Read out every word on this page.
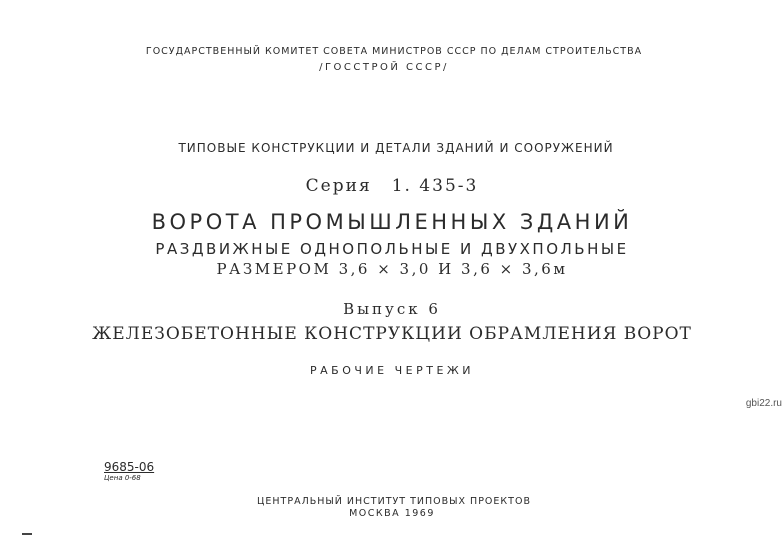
ГОСУДАРСТВЕННЫЙ КОМИТЕТ СОВЕТА МИНИСТРОВ СССР ПО ДЕЛАМ СТРОИТЕЛЬСТВА
/ГОССТРОЙ СССР/
ТИПОВЫЕ КОНСТРУКЦИИ И ДЕТАЛИ ЗДАНИЙ И СООРУЖЕНИЙ
Серия 1. 435-3
ВОРОТА ПРОМЫШЛЕННЫХ ЗДАНИЙ
РАЗДВИЖНЫЕ ОДНОПОЛЬНЫЕ И ДВУХПОЛЬНЫЕ
РАЗМЕРОМ 3,6 × 3,0 И 3,6 × 3,6м
Выпуск 6
ЖЕЛЕЗОБЕТОННЫЕ КОНСТРУКЦИИ ОБРАМЛЕНИЯ ВОРОТ
РАБОЧИЕ ЧЕРТЕЖИ
gbi22.ru
9685-06
Цена 0-68
ЦЕНТРАЛЬНЫЙ ИНСТИТУТ ТИПОВЫХ ПРОЕКТОВ
МОСКВА 1969
